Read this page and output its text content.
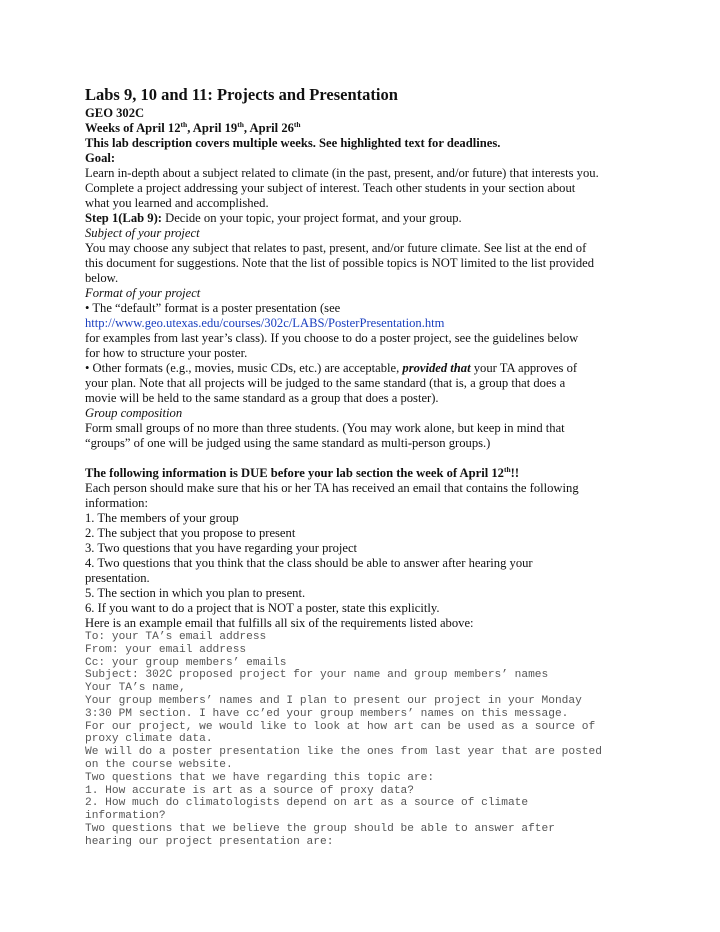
Labs 9, 10 and 11: Projects and Presentation

GEO 302C

Weeks of April 12th, April 19th, April 26th

This lab description covers multiple weeks. See highlighted text for deadlines.

Goal:

Learn in-depth about a subject related to climate (in the past, present, and/or future) that interests you.

Complete a project addressing your subject of interest. Teach other students in your section about

what you learned and accomplished.

Step 1(Lab 9): Decide on your topic, your project format, and your group.

Subject of your project

You may choose any subject that relates to past, present, and/or future climate. See list at the end of

this document for suggestions. Note that the list of possible topics is NOT limited to the list provided

below.

Format of your project

• The “default” format is a poster presentation (see

http://www.geo.utexas.edu/courses/302c/LABS/PosterPresentation.htm

for examples from last year’s class). If you choose to do a poster project, see the guidelines below

for how to structure your poster.

• Other formats (e.g., movies, music CDs, etc.) are acceptable, provided that your TA approves of

your plan. Note that all projects will be judged to the same standard (that is, a group that does a

movie will be held to the same standard as a group that does a poster).

Group composition

Form small groups of no more than three students. (You may work alone, but keep in mind that

“groups” of one will be judged using the same standard as multi-person groups.)

The following information is DUE before your lab section the week of April 12th!!

Each person should make sure that his or her TA has received an email that contains the following

information:

1. The members of your group

2. The subject that you propose to present

3. Two questions that you have regarding your project

4. Two questions that you think that the class should be able to answer after hearing your

presentation.

5. The section in which you plan to present.

6. If you want to do a project that is NOT a poster, state this explicitly.

Here is an example email that fulfills all six of the requirements listed above:

To: your TA’s email address

From: your email address

Cc: your group members’ emails

Subject: 302C proposed project for your name and group members’ names

Your TA’s name,

Your group members’ names and I plan to present our project in your Monday

3:30 PM section. I have cc’ed your group members’ names on this message.

For our project, we would like to look at how art can be used as a source of

proxy climate data.

We will do a poster presentation like the ones from last year that are posted

on the course website.

Two questions that we have regarding this topic are:

1. How accurate is art as a source of proxy data?

2. How much do climatologists depend on art as a source of climate

information?

Two questions that we believe the group should be able to answer after

hearing our project presentation are:
